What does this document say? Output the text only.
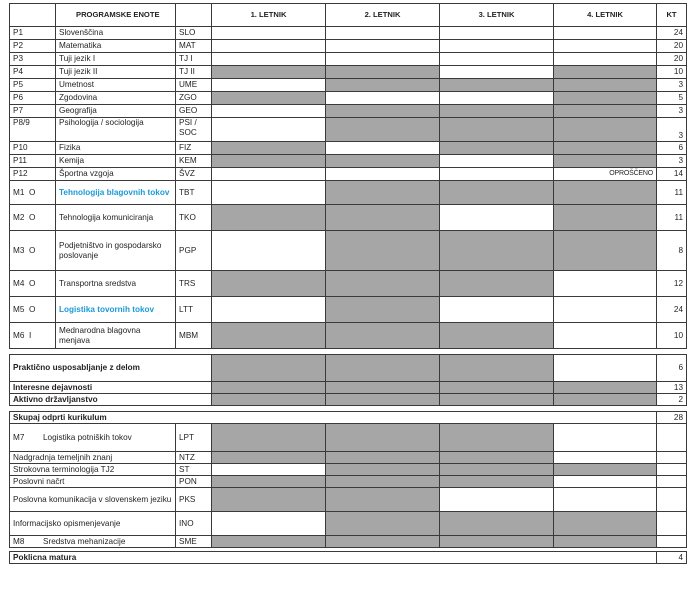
	PROGRAMSKE ENOTE		1. LETNIK	2. LETNIK	3. LETNIK	4. LETNIK	KT
P1	Slovenščina	SLO					24
P2	Matematika	MAT					20
P3	Tuji jezik I	TJ I					20
P4	Tuji jezik II	TJ II					10
P5	Umetnost	UME					3
P6	Zgodovina	ZGO					5
P7	Geografija	GEO					3
P8/9	Psihologija / sociologija	PSI / SOC					3
P10	Fizika	FIZ					6
P11	Kemija	KEM					3
P12	Športna vzgoja	ŠVZ				OPROŠČENO	14
M1 O	Tehnologija blagovnih tokov	TBT					11
M2 O	Tehnologija komuniciranja	TKO					11
M3 O	Podjetništvo in gospodarsko poslovanje	PGP					8
M4 O	Transportna sredstva	TRS					12
M5 O	Logistika tovornih tokov	LTT					24
M6 I	Mednarodna blagovna menjava	MBM					10

Praktično usposabljanje z delom							6
Interesne dejavnosti							13
Aktivno državljanstvo							2

Skupaj odprti kurikulum							28

M7 Logistika potniških tokov		LPT					
Nadgradnja temeljnih znanj		NTZ					
Strokovna terminologija TJ2		ST					
Poslovni načrt		PON					
Poslovna komunikacija v slovenskem jeziku		PKS					
Informacijsko opismenjevanje		INO					

M8 Sredstva mehanizacije		SME					

Poklicna matura							4
